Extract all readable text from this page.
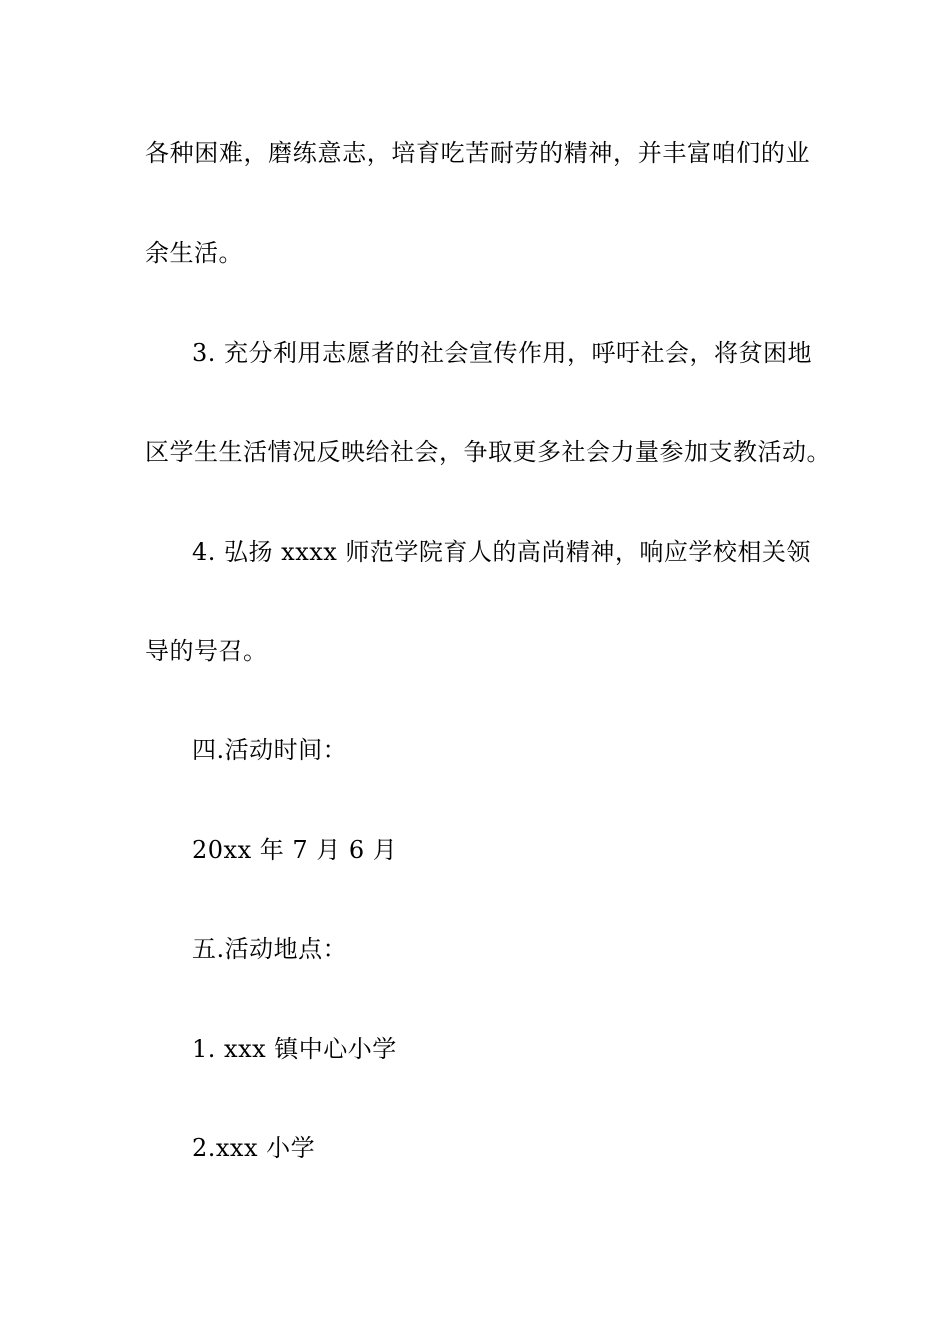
各种困难，磨练意志，培育吃苦耐劳的精神，并丰富咱们的业
余生活。
3. 充分利用志愿者的社会宣传作用，呼吁社会，将贫困地
区学生生活情况反映给社会，争取更多社会力量参加支教活动。
4. 弘扬 xxxx 师范学院育人的高尚精神，响应学校相关领
导的号召。
四.活动时间：
20xx 年 7 月 6 月
五.活动地点：
1. xxx 镇中心小学
2.xxx 小学
